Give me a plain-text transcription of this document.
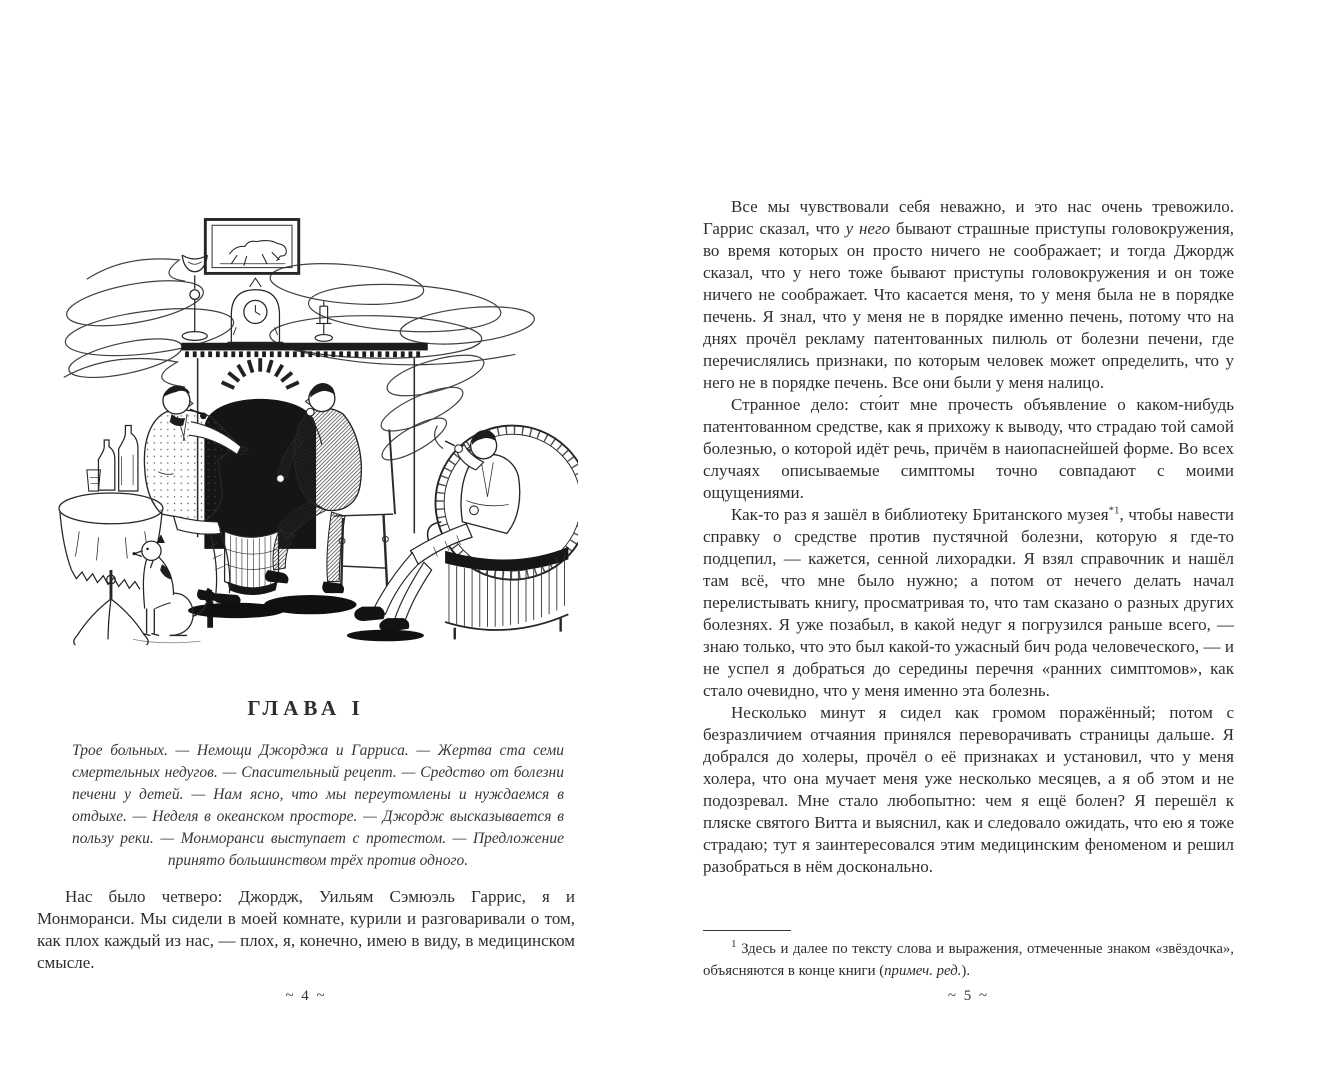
ГЛАВА I
Трое больных. — Немощи Джорджа и Гарриса. — Жертва ста семи смертельных недугов. — Спасительный рецепт. — Средство от болезни печени у детей. — Нам ясно, что мы переутомлены и нуждаемся в отдыхе. — Неделя в океанском просторе. — Джордж высказывается в пользу реки. — Монморанси выступает с протестом. — Предложение принято большинством трёх против одного.

Нас было четверо: Джордж, Уильям Сэмюэль Гаррис, я и Монморанси. Мы сидели в моей комнате, курили и разговаривали о том, как плох каждый из нас, — плох, я, конечно, имею в виду, в медицинском смысле.

~ 4 ~

Все мы чувствовали себя неважно, и это нас очень тревожило. Гаррис сказал, что у него бывают страшные приступы головокружения, во время которых он просто ничего не соображает; и тогда Джордж сказал, что у него тоже бывают приступы головокружения и он тоже ничего не соображает. Что касается меня, то у меня была не в порядке печень. Я знал, что у меня не в порядке именно печень, потому что на днях прочёл рекламу патентованных пилюль от болезни печени, где перечислялись признаки, по которым человек может определить, что у него не в порядке печень. Все они были у меня налицо.

Странное дело: сто́ит мне прочесть объявление о каком-нибудь патентованном средстве, как я прихожу к выводу, что страдаю той самой болезнью, о которой идёт речь, причём в наиопаснейшей форме. Во всех случаях описываемые симптомы точно совпадают с моими ощущениями.

Как-то раз я зашёл в библиотеку Британского музея$^{*1}$, чтобы навести справку о средстве против пустячной болезни, которую я где-то подцепил, — кажется, сенной лихорадки. Я взял справочник и нашёл там всё, что мне было нужно; а потом от нечего делать начал перелистывать книгу, просматривая то, что там сказано о разных других болезнях. Я уже позабыл, в какой недуг я погрузился раньше всего, — знаю только, что это был какой-то ужасный бич рода человеческого, — и не успел я добраться до середины перечня «ранних симптомов», как стало очевидно, что у меня именно эта болезнь.

Несколько минут я сидел как громом поражённый; потом с безразличием отчаяния принялся переворачивать страницы дальше. Я добрался до холеры, прочёл о её признаках и установил, что у меня холера, что она мучает меня уже несколько месяцев, а я об этом и не подозревал. Мне стало любопытно: чем я ещё болен? Я перешёл к пляске святого Витта и выяснил, как и следовало ожидать, что ею я тоже страдаю; тут я заинтересовался этим медицинским феноменом и решил разобраться в нём досконально.

$^1$ Здесь и далее по тексту слова и выражения, отмеченные знаком «звёздочка», объясняются в конце книги (примеч. ред.).

~ 5 ~
